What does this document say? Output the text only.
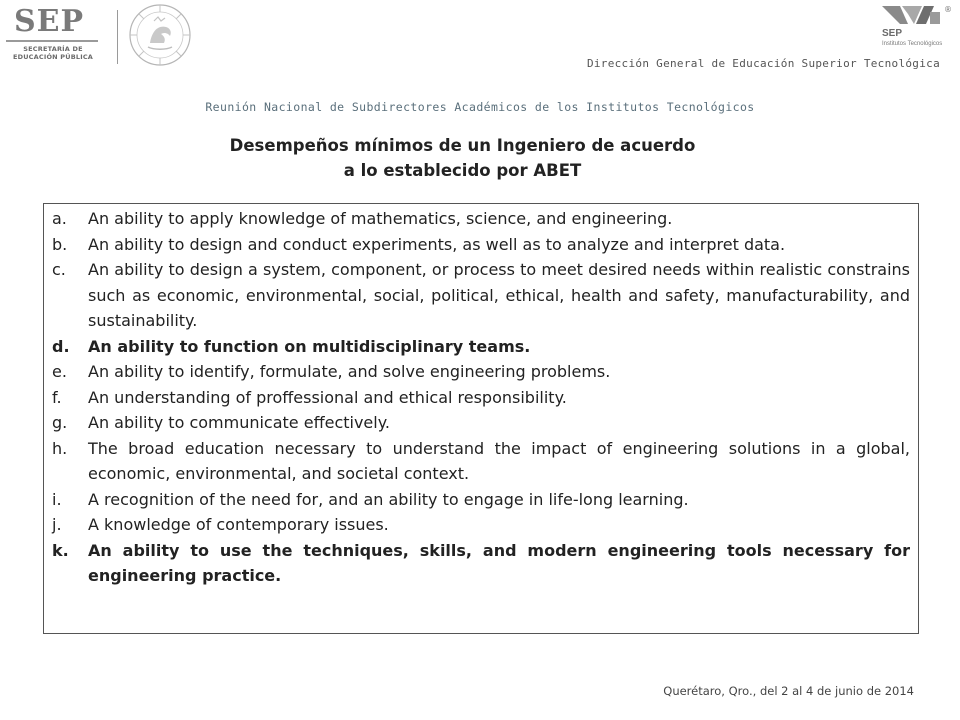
SEP
SECRETARÍA DE
EDUCACIÓN PÚBLICA
SEP
Institutos Tecnológicos
®
Dirección General de Educación Superior Tecnológica
Reunión Nacional de Subdirectores Académicos de los Institutos Tecnológicos
Desempeños mínimos de un Ingeniero de acuerdo
a lo establecido por ABET
a. An ability to apply knowledge of mathematics, science, and engineering.
b. An ability to design and conduct experiments, as well as to analyze and interpret data.
c. An ability to design a system, component, or process to meet desired needs within realistic constrains such as economic, environmental, social, political, ethical, health and safety, manufacturability, and sustainability.
d. An ability to function on multidisciplinary teams.
e. An ability to identify, formulate, and solve engineering problems.
f. An understanding of proffessional and ethical responsibility.
g. An ability to communicate effectively.
h. The broad education necessary to understand the impact of engineering solutions in a global, economic, environmental, and societal context.
i. A recognition of the need for, and an ability to engage in life-long learning.
j. A knowledge of contemporary issues.
k. An ability to use the techniques, skills, and modern engineering tools necessary for engineering practice.
Querétaro, Qro., del 2 al 4 de junio de 2014
